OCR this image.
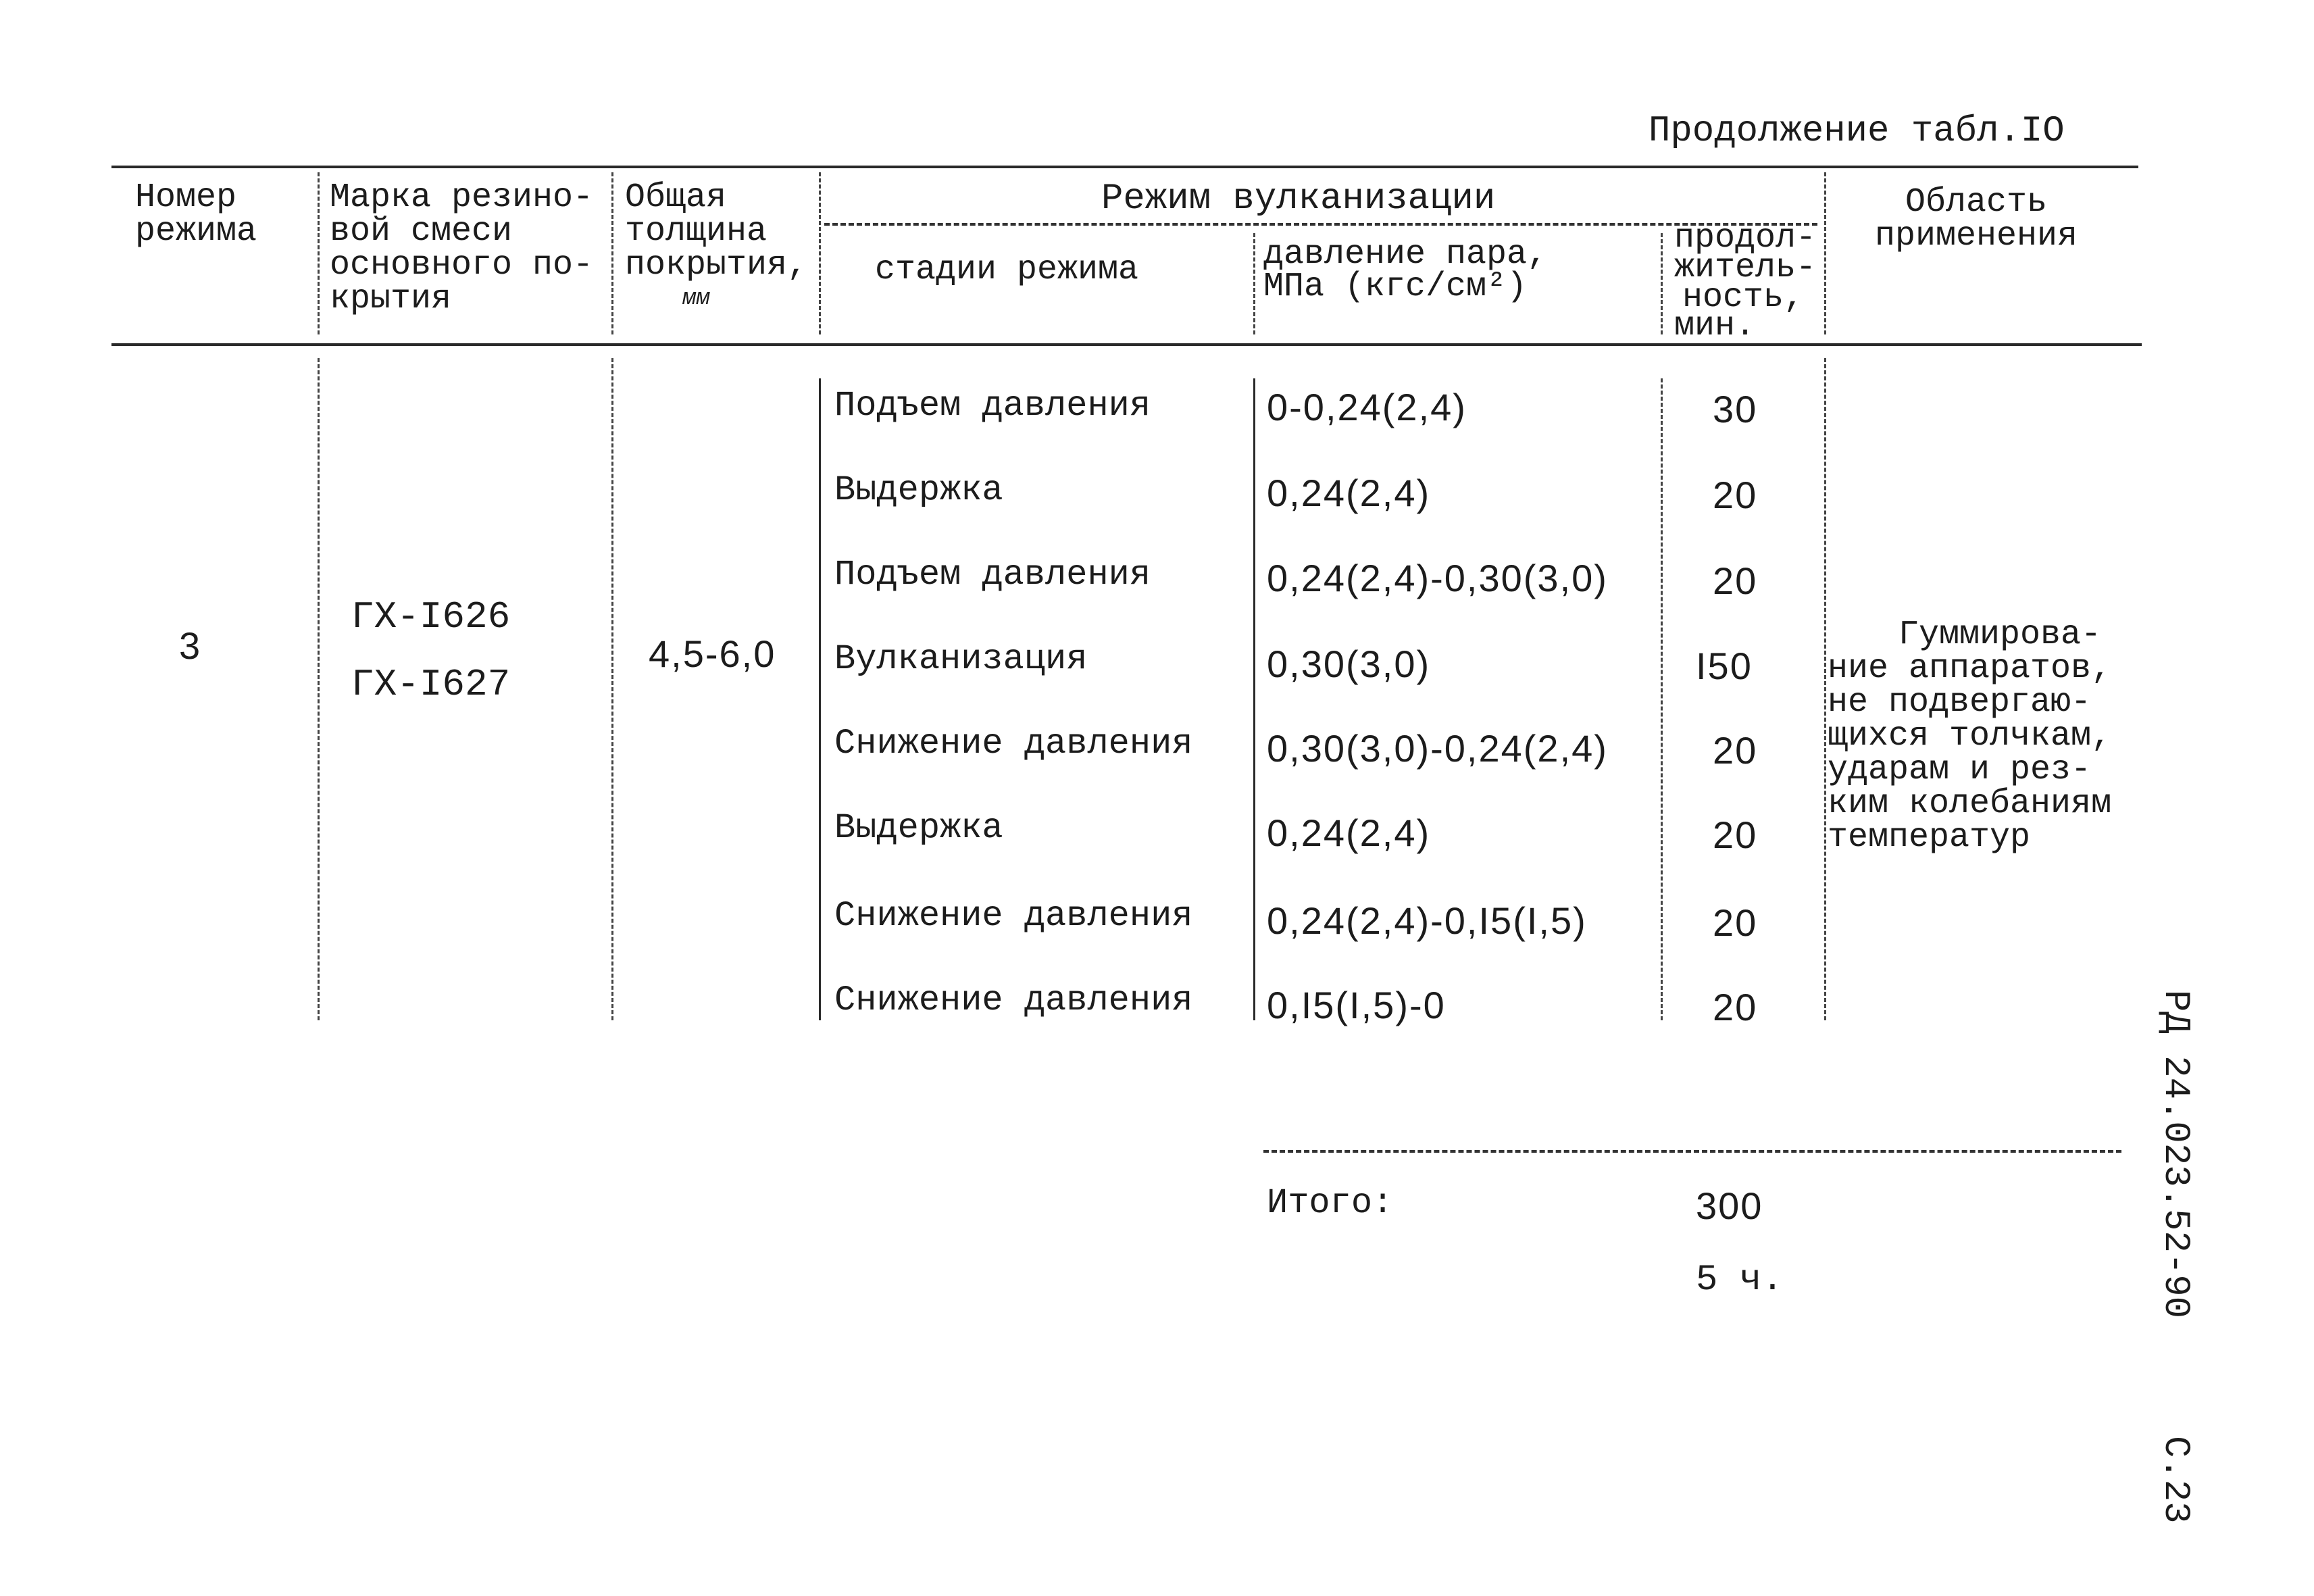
Продолжение табл.IO
Номер
режима
Марка резино-
вой смеси
основного по-
крытия
Общая
толщина
покрытия,
мм
Режим вулканизации
стадии режима	давление пара,
МПа (кгс/см²)
продол-
житель-
ность,
мин.
Область
применения
3
ГХ-I626
ГХ-I627
4,5-6,0
Подъем давления	0-0,24(2,4)	30
Выдержка	0,24(2,4)	20
Подъем давления	0,24(2,4)-0,30(3,0)	20
Вулканизация	0,30(3,0)	I50
Снижение давления 0,30(3,0)-0,24(2,4)	20
Выдержка	0,24(2,4)	20
Снижение давления 0,24(2,4)-0,I5(I,5)	20
Снижение давления 0,I5(I,5)-0	20
Гуммирова-
ние аппаратов,
не подвергаю-
щихся толчкам,
ударам и рез-
ким колебаниям
температур
Итого:	300
5 ч.	РД 24.023.52-90
С.23
